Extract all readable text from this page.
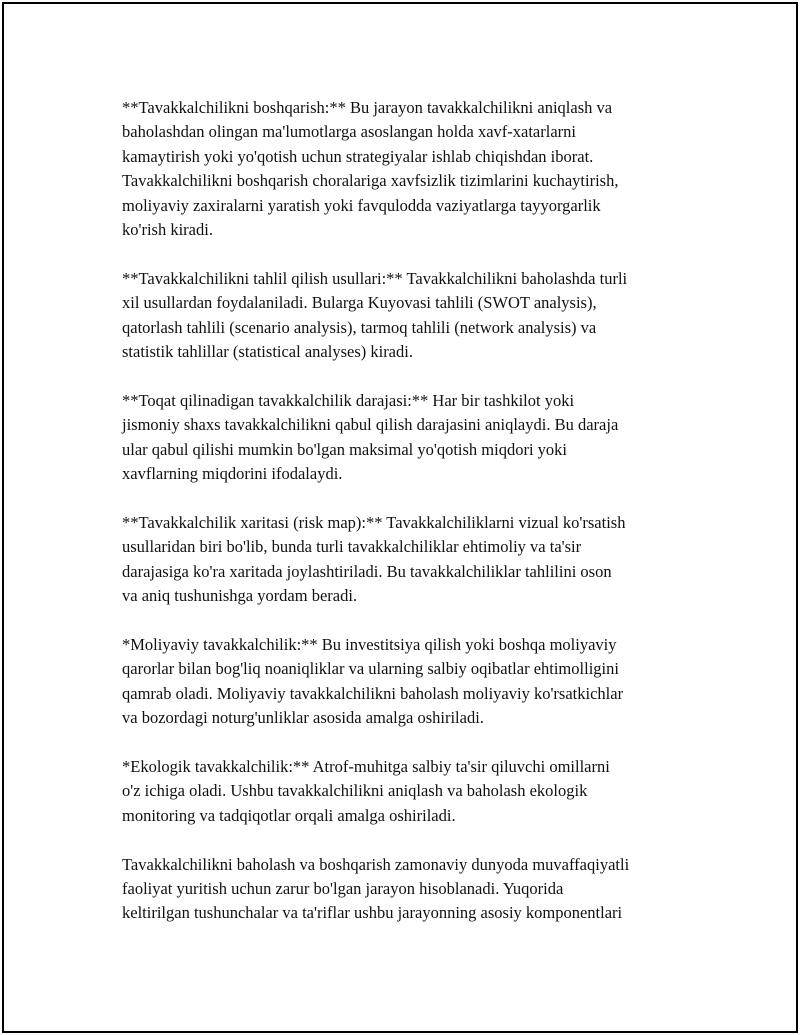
**Tavakkalchilikni boshqarish:** Bu jarayon tavakkalchilikni aniqlash va
baholashdan olingan ma'lumotlarga asoslangan holda xavf-xatarlarni
kamaytirish yoki yo'qotish uchun strategiyalar ishlab chiqishdan iborat.
Tavakkalchilikni boshqarish choralariga xavfsizlik tizimlarini kuchaytirish,
moliyaviy zaxiralarni yaratish yoki favqulodda vaziyatlarga tayyorgarlik
ko'rish kiradi.

**Tavakkalchilikni tahlil qilish usullari:** Tavakkalchilikni baholashda turli
xil usullardan foydalaniladi. Bularga Kuyovasi tahlili (SWOT analysis),
qatorlash tahlili (scenario analysis), tarmoq tahlili (network analysis) va
statistik tahlillar (statistical analyses) kiradi.

**Toqat qilinadigan tavakkalchilik darajasi:** Har bir tashkilot yoki
jismoniy shaxs tavakkalchilikni qabul qilish darajasini aniqlaydi. Bu daraja
ular qabul qilishi mumkin bo'lgan maksimal yo'qotish miqdori yoki
xavflarning miqdorini ifodalaydi.

**Tavakkalchilik xaritasi (risk map):** Tavakkalchiliklarni vizual ko'rsatish
usullaridan biri bo'lib, bunda turli tavakkalchiliklar ehtimoliy va ta'sir
darajasiga ko'ra xaritada joylashtiriladi. Bu tavakkalchiliklar tahlilini oson
va aniq tushunishga yordam beradi.

*Moliyaviy tavakkalchilik:** Bu investitsiya qilish yoki boshqa moliyaviy
qarorlar bilan bog'liq noaniqliklar va ularning salbiy oqibatlar ehtimolligini
qamrab oladi. Moliyaviy tavakkalchilikni baholash moliyaviy ko'rsatkichlar
va bozordagi noturg'unliklar asosida amalga oshiriladi.

*Ekologik tavakkalchilik:** Atrof-muhitga salbiy ta'sir qiluvchi omillarni
o'z ichiga oladi. Ushbu tavakkalchilikni aniqlash va baholash ekologik
monitoring va tadqiqotlar orqali amalga oshiriladi.

Tavakkalchilikni baholash va boshqarish zamonaviy dunyoda muvaffaqiyatli
faoliyat yuritish uchun zarur bo'lgan jarayon hisoblanadi. Yuqorida
keltirilgan tushunchalar va ta'riflar ushbu jarayonning asosiy komponentlari
